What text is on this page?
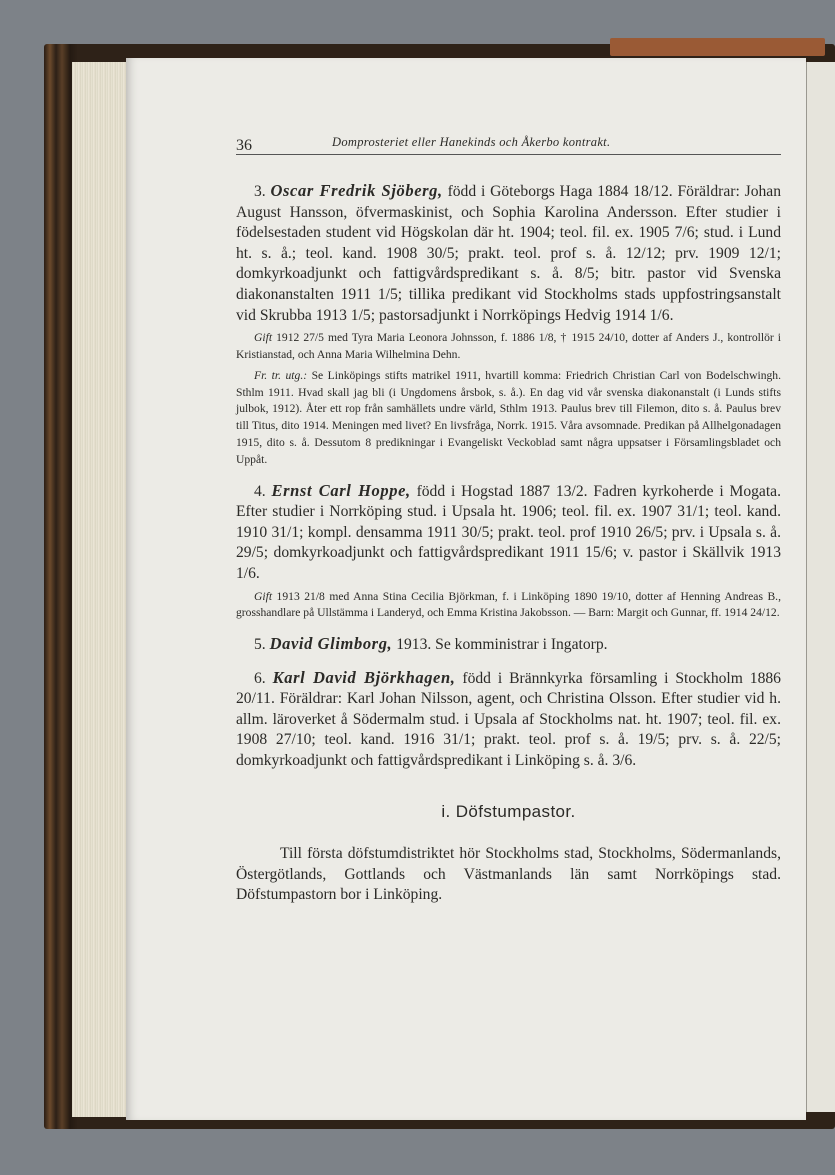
36	Domprosteriet eller Hanekinds och Åkerbo kontrakt.

3. Oscar Fredrik Sjöberg, född i Göteborgs Haga 1884 18/12. Föräldrar: Johan August Hansson, öfvermaskinist, och Sophia Karolina Andersson. Efter studier i födelsestaden student vid Högskolan där ht. 1904; teol. fil. ex. 1905 7/6; stud. i Lund ht. s. å.; teol. kand. 1908 30/5; prakt. teol. prof s. å. 12/12; prv. 1909 12/1; domkyrkoadjunkt och fattigvårdspredikant s. å. 8/5; bitr. pastor vid Svenska diakonanstalten 1911 1/5; tillika predikant vid Stockholms stads uppfostringsanstalt vid Skrubba 1913 1/5; pastorsadjunkt i Norrköpings Hedvig 1914 1/6.

Gift 1912 27/5 med Tyra Maria Leonora Johnsson, f. 1886 1/8, † 1915 24/10, dotter af Anders J., kontrollör i Kristianstad, och Anna Maria Wilhelmina Dehn.

Fr. tr. utg.: Se Linköpings stifts matrikel 1911, hvartill komma: Friedrich Christian Carl von Bodelschwingh. Sthlm 1911. Hvad skall jag bli (i Ungdomens årsbok, s. å.). En dag vid vår svenska diakonanstalt (i Lunds stifts julbok, 1912). Åter ett rop från samhällets undre värld, Sthlm 1913. Paulus brev till Filemon, dito s. å. Paulus brev till Titus, dito 1914. Meningen med livet? En livsfråga, Norrk. 1915. Våra avsomnade. Predikan på Allhelgonadagen 1915, dito s. å. Dessutom 8 predikningar i Evangeliskt Veckoblad samt några uppsatser i Församlingsbladet och Uppåt.

4. Ernst Carl Hoppe, född i Hogstad 1887 13/2. Fadren kyrkoherde i Mogata. Efter studier i Norrköping stud. i Upsala ht. 1906; teol. fil. ex. 1907 31/1; teol. kand. 1910 31/1; kompl. densamma 1911 30/5; prakt. teol. prof 1910 26/5; prv. i Upsala s. å. 29/5; domkyrkoadjunkt och fattigvårdspredikant 1911 15/6; v. pastor i Skällvik 1913 1/6.

Gift 1913 21/8 med Anna Stina Cecilia Björkman, f. i Linköping 1890 19/10, dotter af Henning Andreas B., grosshandlare på Ullstämma i Landeryd, och Emma Kristina Jakobsson. — Barn: Margit och Gunnar, ff. 1914 24/12.

5. David Glimborg, 1913. Se komministrar i Ingatorp.

6. Karl David Björkhagen, född i Brännkyrka församling i Stockholm 1886 20/11. Föräldrar: Karl Johan Nilsson, agent, och Christina Olsson. Efter studier vid h. allm. läroverket å Södermalm stud. i Upsala af Stockholms nat. ht. 1907; teol. fil. ex. 1908 27/10; teol. kand. 1916 31/1; prakt. teol. prof s. å. 19/5; prv. s. å. 22/5; domkyrkoadjunkt och fattigvårdspredikant i Linköping s. å. 3/6.

i. Döfstumpastor.

Till första döfstumdistriktet hör Stockholms stad, Stockholms, Södermanlands, Östergötlands, Gottlands och Västmanlands län samt Norrköpings stad. Döfstumpastorn bor i Linköping.
